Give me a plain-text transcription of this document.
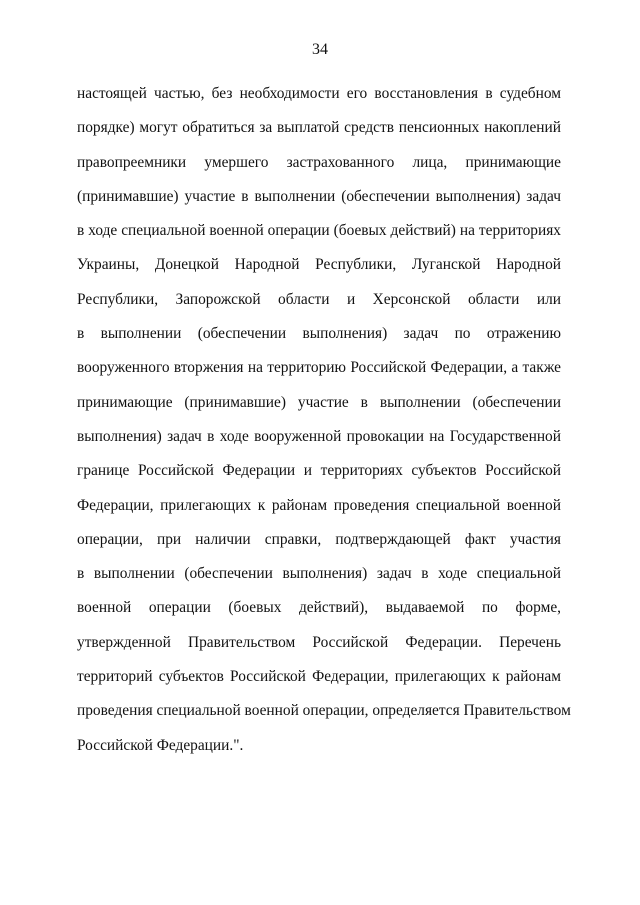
34
настоящей частью, без необходимости его восстановления в судебном
порядке) могут обратиться за выплатой средств пенсионных накоплений
правопреемники умершего застрахованного лица, принимающие
(принимавшие) участие в выполнении (обеспечении выполнения) задач
в ходе специальной военной операции (боевых действий) на территориях
Украины, Донецкой Народной Республики, Луганской Народной
Республики, Запорожской области и Херсонской области или
в выполнении (обеспечении выполнения) задач по отражению
вооруженного вторжения на территорию Российской Федерации, а также
принимающие (принимавшие) участие в выполнении (обеспечении
выполнения) задач в ходе вооруженной провокации на Государственной
границе Российской Федерации и территориях субъектов Российской
Федерации, прилегающих к районам проведения специальной военной
операции, при наличии справки, подтверждающей факт участия
в выполнении (обеспечении выполнения) задач в ходе специальной
военной операции (боевых действий), выдаваемой по форме,
утвержденной Правительством Российской Федерации. Перечень
территорий субъектов Российской Федерации, прилегающих к районам
проведения специальной военной операции, определяется Правительством
Российской Федерации.".
